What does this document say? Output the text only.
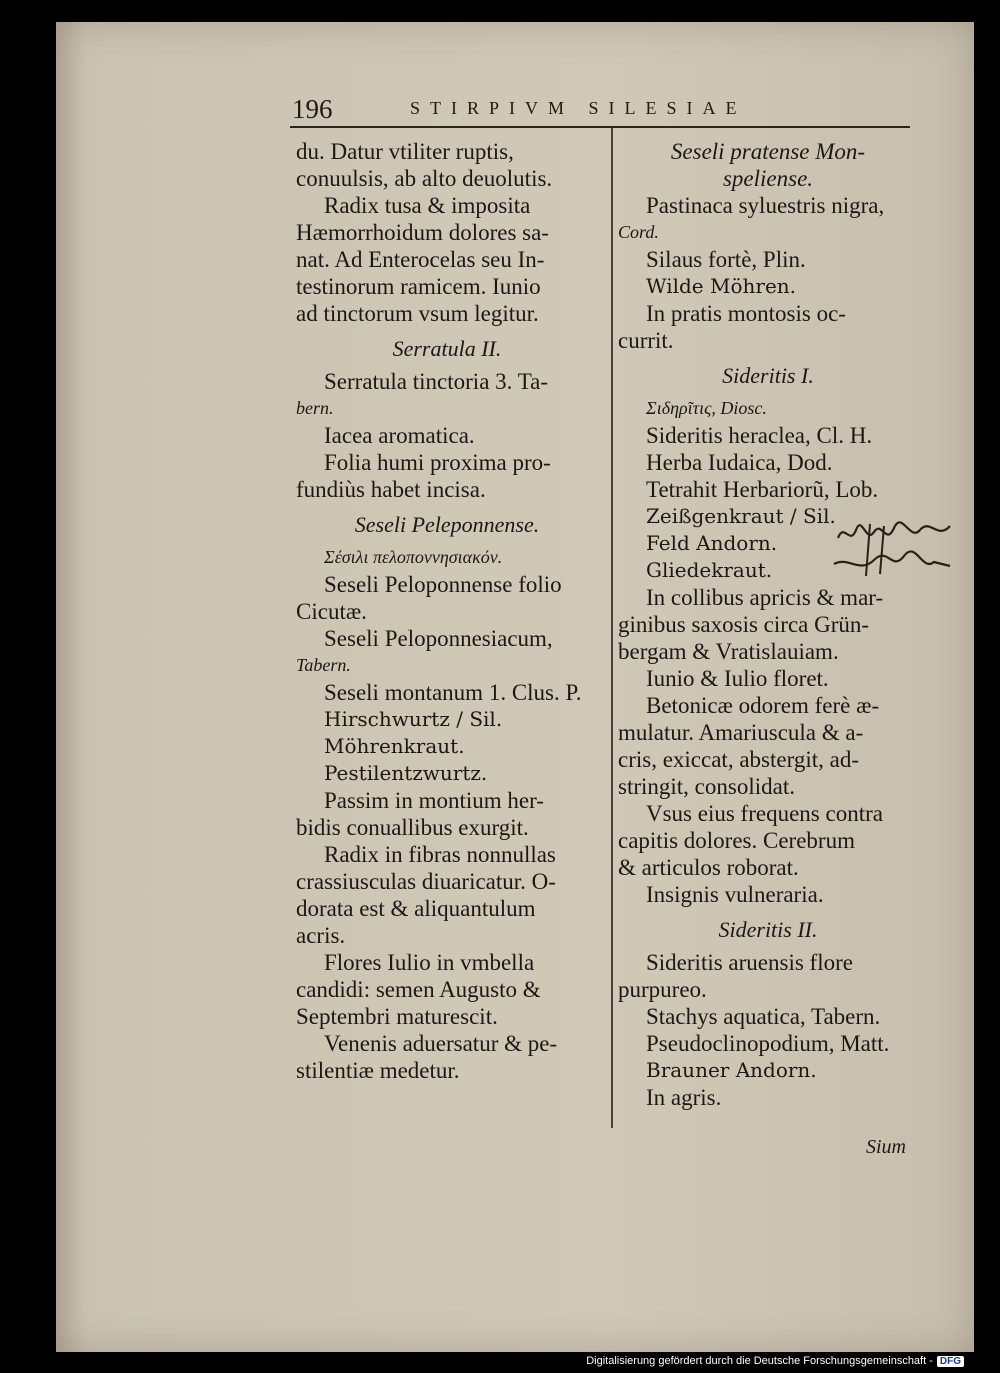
196	STIRPIVM SILESIAE
du. Datur vtiliter ruptis,
conuulsis, ab alto deuolutis.
Radix tusa & imposita
Hæmorrhoidum dolores sa-
nat. Ad Enterocelas seu In-
testinorum ramicem. Iunio
ad tinctorum vsum legitur.
Serratula II.
Serratula tinctoria 3. Ta-
bern.
Iacea aromatica.
Folia humi proxima pro-
fundiùs habet incisa.
Seseli Peleponnense.
Σέσιλι πελοποννησιακόν.
Seseli Peloponnense folio
Cicutæ.
Seseli Peloponnesiacum,
Tabern.
Seseli montanum 1. Clus. P.
Hirschwurtz / Sil.
Möhrenkraut.
Pestilentzwurtz.
Passim in montium her-
bidis conuallibus exurgit.
Radix in fibras nonnullas
crassiusculas diuaricatur. O-
dorata est & aliquantulum
acris.
Flores Iulio in vmbella
candidi: semen Augusto &
Septembri maturescit.
Venenis aduersatur & pe-
stilentiæ medetur.
Seseli pratense Mon-
speliense.
Pastinaca syluestris nigra,
Cord.
Silaus fortè, Plin.
Wilde Möhren.
In pratis montosis oc-
currit.
Sideritis I.
Σιδηρῖτις, Diosc.
Sideritis heraclea, Cl. H.
Herba Iudaica, Dod.
Tetrahit Herbariorũ, Lob.
Zeißgenkraut / Sil.
Feld Andorn.
Gliedekraut.
In collibus apricis & mar-
ginibus saxosis circa Grün-
bergam & Vratislauiam.
Iunio & Iulio floret.
Betonicæ odorem ferè æ-
mulatur. Amariuscula & a-
cris, exiccat, abstergit, ad-
stringit, consolidat.
Vsus eius frequens contra
capitis dolores. Cerebrum
& articulos roborat.
Insignis vulneraria.
Sideritis II.
Sideritis aruensis flore
purpureo.
Stachys aquatica, Tabern.
Pseudoclinopodium, Matt.
Brauner Andorn.
In agris.
Sium
Digitalisierung gefördert durch die Deutsche Forschungsgemeinschaft - DFG
